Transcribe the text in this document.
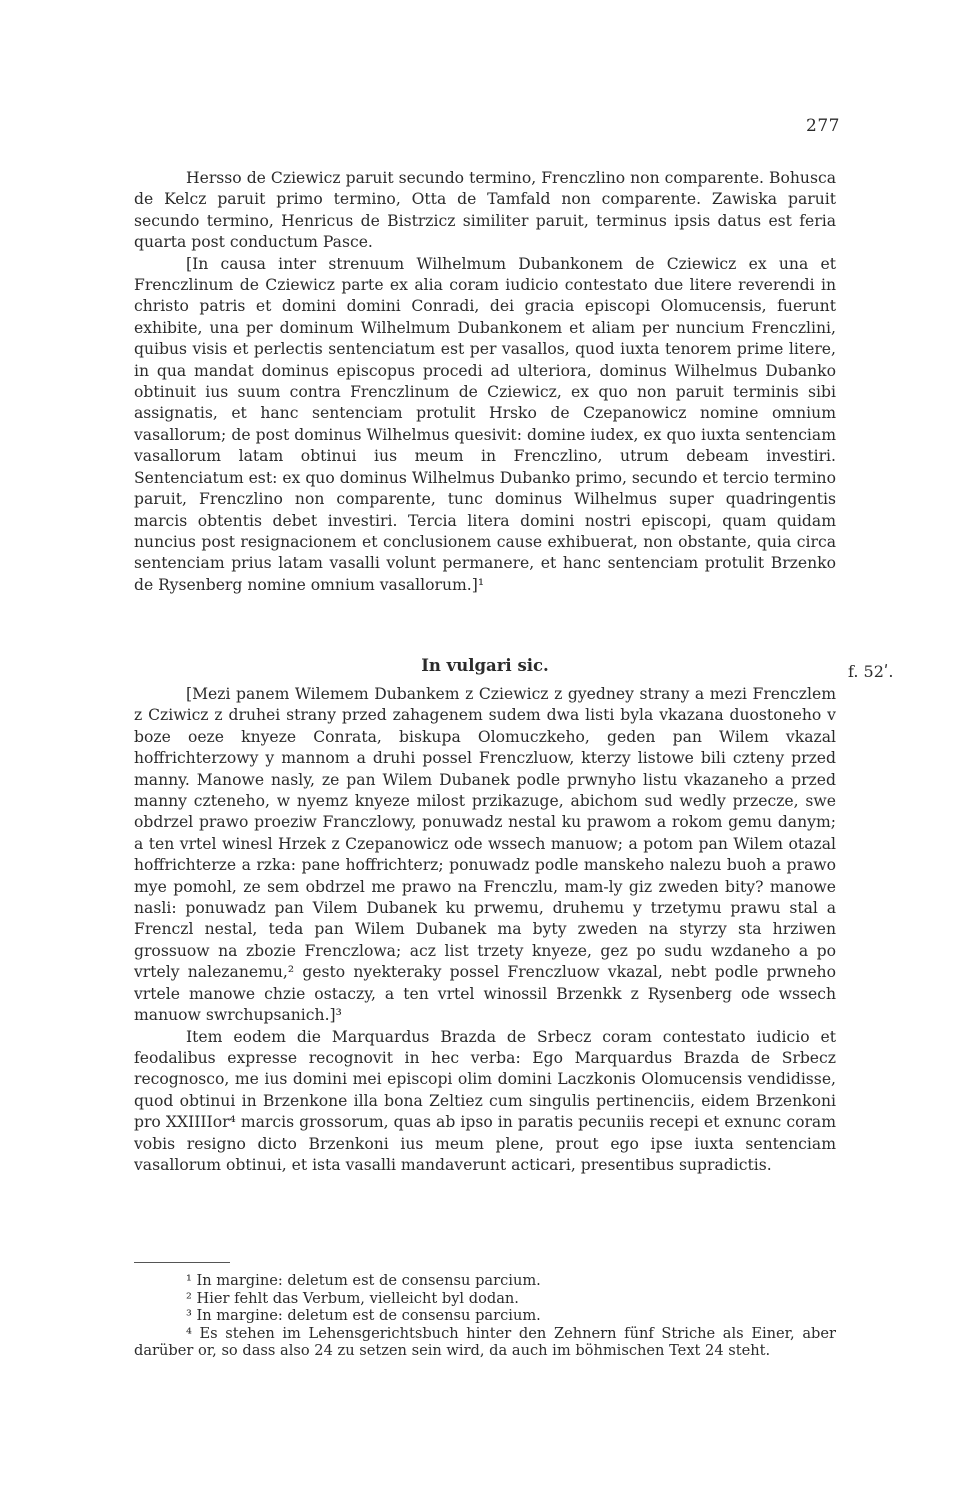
277

Hersso de Cziewicz paruit secundo termino, Frenczlino non comparente. Bohusca de Kelcz paruit primo termino, Otta de Tamfald non comparente. Zawiska paruit secundo termino, Henricus de Bistrzicz similiter paruit, terminus ipsis datus est feria quarta post conductum Pasce.

[In causa inter strenuum Wilhelmum Dubankonem de Cziewicz ex una et Frenczlinum de Cziewicz parte ex alia coram iudicio contestato due litere reverendi in christo patris et domini domini Conradi, dei gracia episcopi Olomucensis, fuerunt exhibite, una per dominum Wilhelmum Dubankonem et aliam per nuncium Frenczlini, quibus visis et perlectis sentenciatum est per vasallos, quod iuxta tenorem prime litere, in qua mandat dominus episcopus procedi ad ulteriora, dominus Wilhelmus Dubanko obtinuit ius suum contra Frenczlinum de Cziewicz, ex quo non paruit terminis sibi assignatis, et hanc sentenciam protulit Hrsko de Czepanowicz nomine omnium vasallorum; de post dominus Wilhelmus quesivit: domine iudex, ex quo iuxta sentenciam vasallorum latam obtinui ius meum in Frenczlino, utrum debeam investiri. Sentenciatum est: ex quo dominus Wilhelmus Dubanko primo, secundo et tercio termino paruit, Frenczlino non comparente, tunc dominus Wilhelmus super quadringentis marcis obtentis debet investiri. Tercia litera domini nostri episcopi, quam quidam nuncius post resignacionem et conclusionem cause exhibuerat, non obstante, quia circa sentenciam prius latam vasalli volunt permanere, et hanc sentenciam protulit Brzenko de Rysenberg nomine omnium vasallorum.]¹

In vulgari sic.	f. 52ʹ.

[Mezi panem Wilemem Dubankem z Cziewicz z gyedney strany a mezi Frenczlem z Cziwicz z druhei strany przed zahagenem sudem dwa listi byla vkazana duostoneho v boze oeze knyeze Conrata, biskupa Olomuczkeho, geden pan Wilem vkazal hoffrichterzowy y mannom a druhi possel Frenczluow, kterzy listowe bili czteny przed manny. Manowe nasly, ze pan Wilem Dubanek podle prwnyho listu vkazaneho a przed manny czteneho, w nyemz knyeze milost przikazuge, abichom sud wedly przecze, swe obdrzel prawo proeziw Franczlowy, ponuwadz nestal ku prawom a rokom gemu danym; a ten vrtel winesl Hrzek z Czepanowicz ode wssech manuow; a potom pan Wilem otazal hoffrichterze a rzka: pane hoffrichterz; ponuwadz podle manskeho nalezu buoh a prawo mye pomohl, ze sem obdrzel me prawo na Frenczlu, mam-ly giz zweden bity? manowe nasli: ponuwadz pan Vilem Dubanek ku prwemu, druhemu y trzetymu prawu stal a Frenczl nestal, teda pan Wilem Dubanek ma byty zweden na styrzy sta hrziwen grossuow na zbozie Frenczlowa; acz list trzety knyeze, gez po sudu wzdaneho a po vrtely nalezanemu,² gesto nyekteraky possel Frenczluow vkazal, nebt podle prwneho vrtele manowe chzie ostaczy, a ten vrtel winossil Brzenkk z Rysenberg ode wssech manuow swrchupsanich.]³

Item eodem die Marquardus Brazda de Srbecz coram contestato iudicio et feodalibus expresse recognovit in hec verba: Ego Marquardus Brazda de Srbecz recognosco, me ius domini mei episcopi olim domini Laczkonis Olomucensis vendidisse, quod obtinui in Brzenkone illa bona Zeltiez cum singulis pertinenciis, eidem Brzenkoni pro XXIIIIor⁴ marcis grossorum, quas ab ipso in paratis pecuniis recepi et exnunc coram vobis resigno dicto Brzenkoni ius meum plene, prout ego ipse iuxta sentenciam vasallorum obtinui, et ista vasalli mandaverunt acticari, presentibus supradictis.

¹ In margine: deletum est de consensu parcium.

² Hier fehlt das Verbum, vielleicht byl dodan.

³ In margine: deletum est de consensu parcium.

⁴ Es stehen im Lehensgerichtsbuch hinter den Zehnern fünf Striche als Einer, aber darüber or, so dass also 24 zu setzen sein wird, da auch im böhmischen Text 24 steht.
